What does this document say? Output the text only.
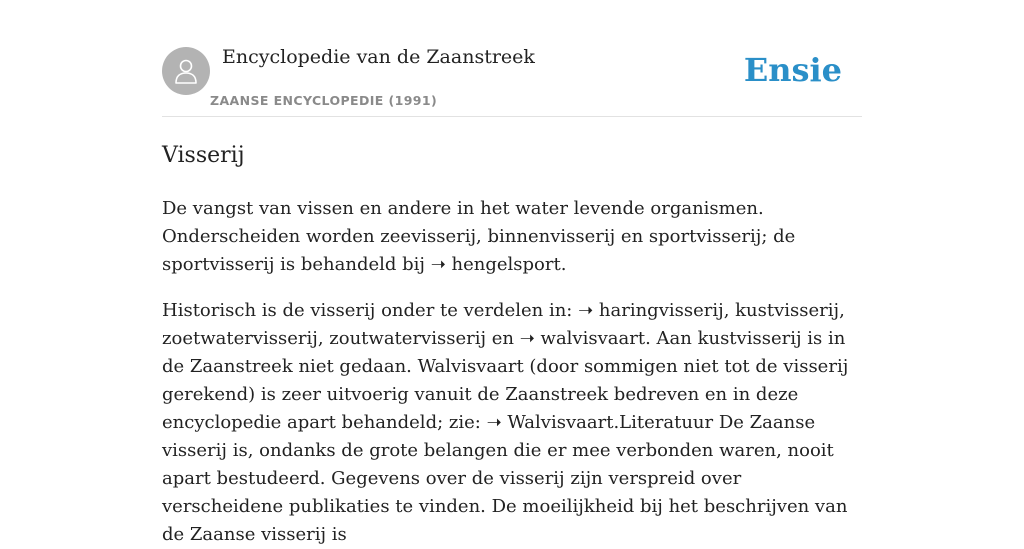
Encyclopedie van de Zaanstreek
ZAANSE ENCYCLOPEDIE (1991)
Ensie
Visserij

De vangst van vissen en andere in het water levende organismen. Onderscheiden worden zeevisserij, binnenvisserij en sportvisserij; de sportvisserij is behandeld bij ➝ hengelsport.

Historisch is de visserij onder te verdelen in: ➝ haringvisserij, kustvisserij, zoetwatervisserij, zoutwatervisserij en ➝ walvisvaart. Aan kustvisserij is in de Zaanstreek niet gedaan. Walvisvaart (door sommigen niet tot de visserij gerekend) is zeer uitvoerig vanuit de Zaanstreek bedreven en in deze encyclopedie apart behandeld; zie: ➝ Walvisvaart.Literatuur De Zaanse visserij is, ondanks de grote belangen die er mee verbonden waren, nooit apart bestudeerd. Gegevens over de visserij zijn verspreid over verscheidene publikaties te vinden. De moeilijkheid bij het beschrijven van de Zaanse visserij is
